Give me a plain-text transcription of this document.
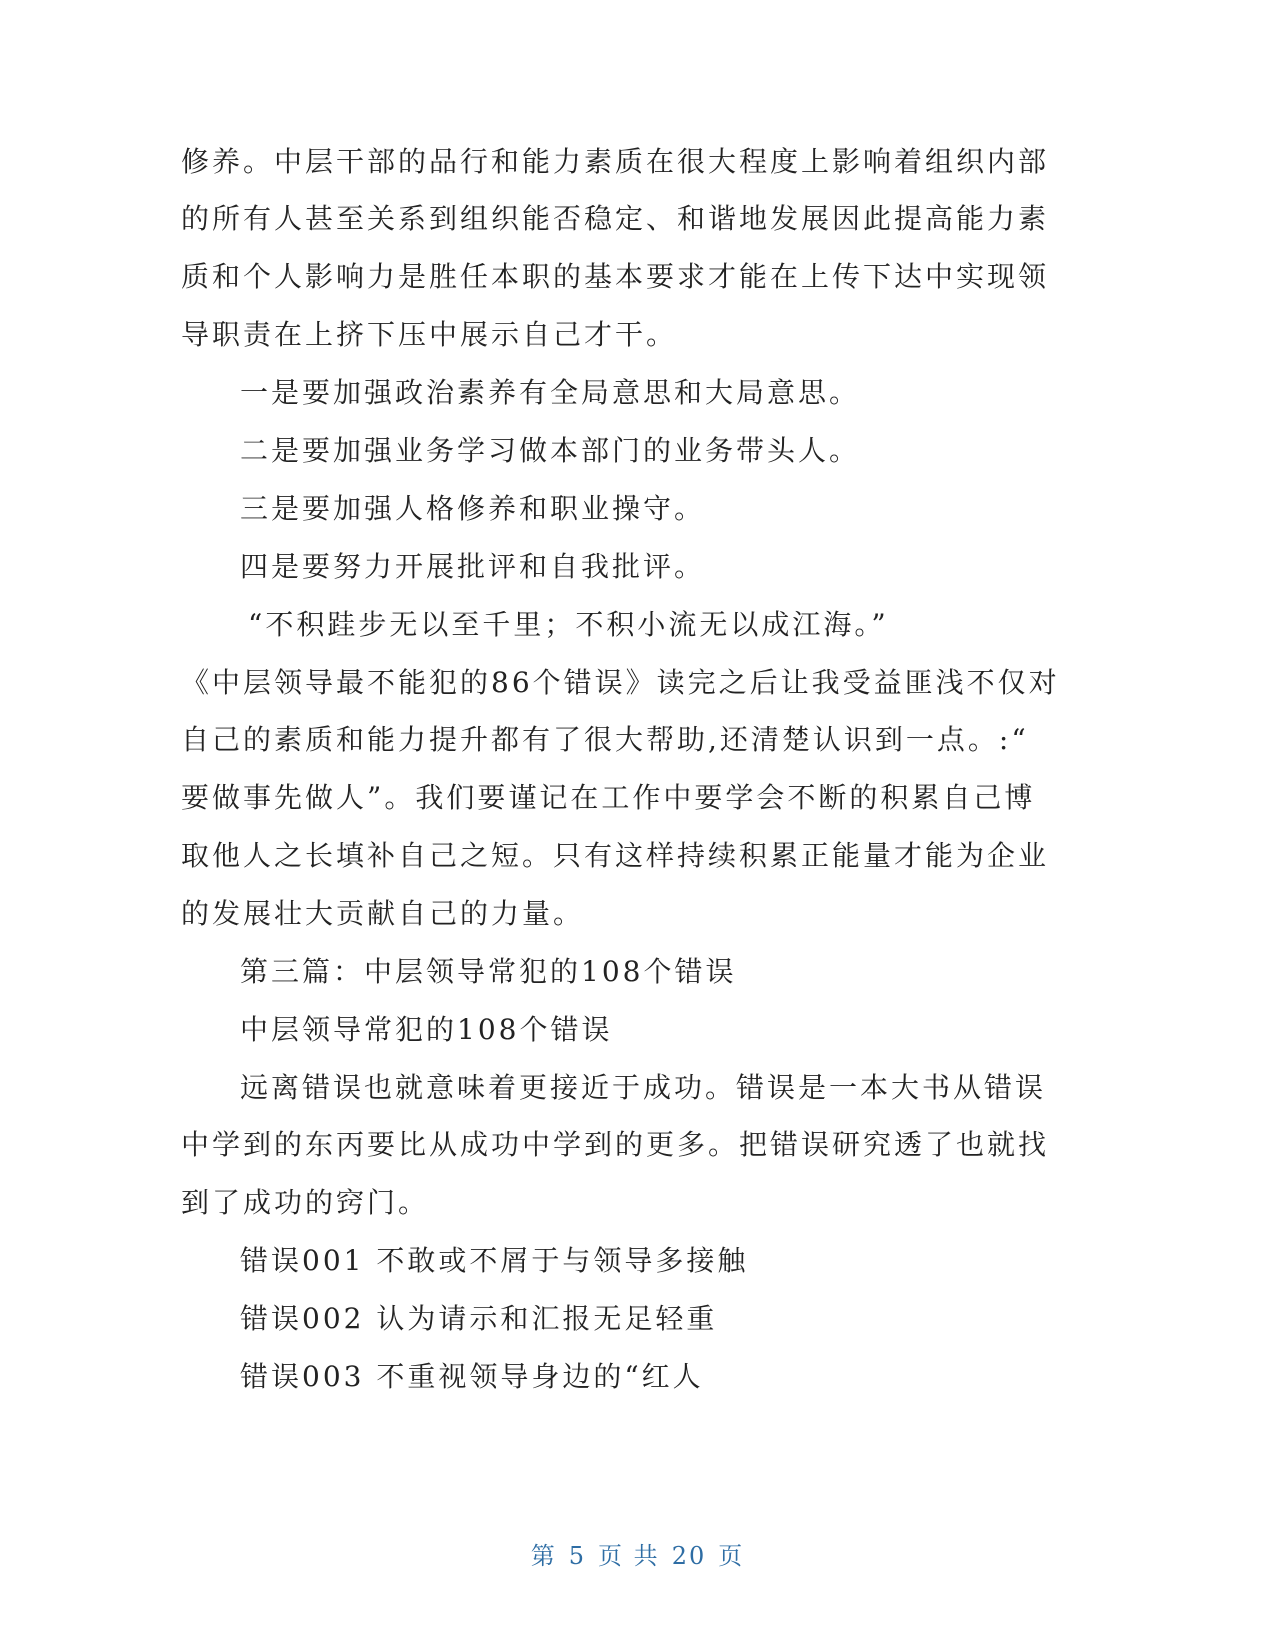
修养。中层干部的品行和能力素质在很大程度上影响着组织内部
的所有人甚至关系到组织能否稳定、和谐地发展因此提高能力素
质和个人影响力是胜任本职的基本要求才能在上传下达中实现领
导职责在上挤下压中展示自己才干。
一是要加强政治素养有全局意思和大局意思。
二是要加强业务学习做本部门的业务带头人。
三是要加强人格修养和职业操守。
四是要努力开展批评和自我批评。
“不积跬步无以至千里；不积小流无以成江海。”
《中层领导最不能犯的86个错误》读完之后让我受益匪浅不仅对
自己的素质和能力提升都有了很大帮助,还清楚认识到一点。:“
要做事先做人”。我们要谨记在工作中要学会不断的积累自己博
取他人之长填补自己之短。只有这样持续积累正能量才能为企业
的发展壮大贡献自己的力量。
第三篇：中层领导常犯的108个错误
中层领导常犯的108个错误
远离错误也就意味着更接近于成功。错误是一本大书从错误
中学到的东丙要比从成功中学到的更多。把错误研究透了也就找
到了成功的窍门。
错误001 不敢或不屑于与领导多接触
错误002 认为请示和汇报无足轻重
错误003 不重视领导身边的“红人
第 5 页 共 20 页
